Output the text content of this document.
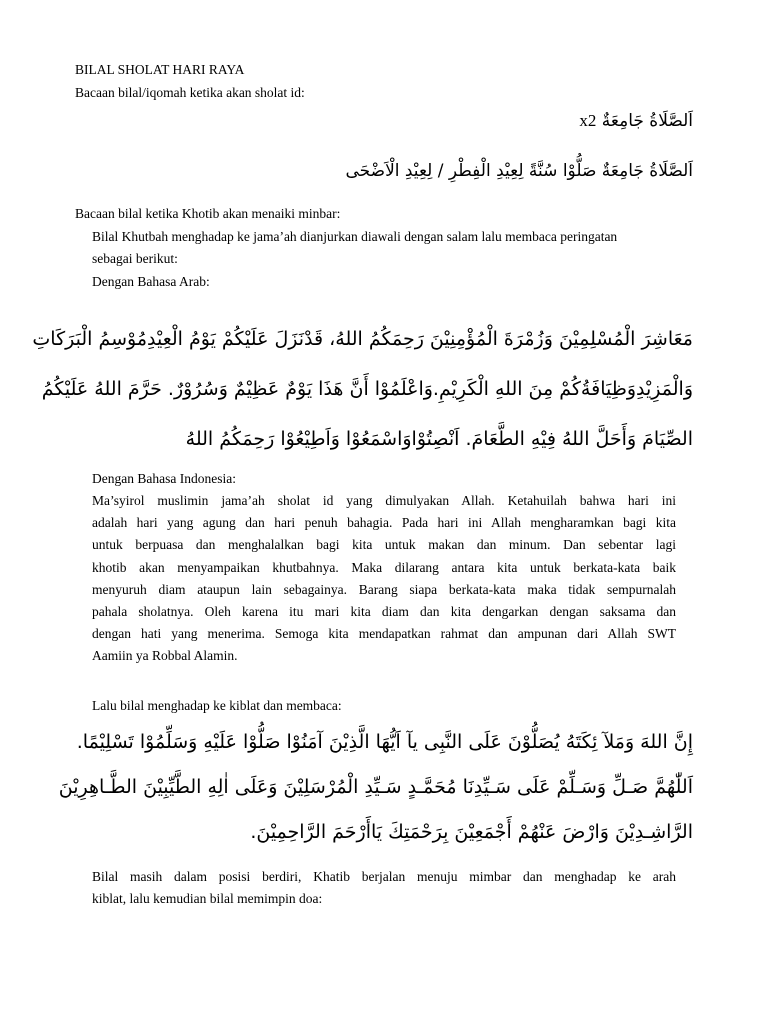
BILAL SHOLAT HARI RAYA
Bacaan bilal/iqomah ketika akan sholat id:
اَلصَّلَاةُ جَامِعَةٌ x2
اَلصَّلَاةُ جَامِعَةٌ صَلُّوْا سُنَّةً لِعِيْدِ الْفِطْرِ / لِعِيْدِ الْاَضْحَى
Bacaan bilal ketika Khotib akan menaiki minbar:
Bilal Khutbah menghadap ke jama’ah dianjurkan diawali dengan salam lalu membaca peringatan
sebagai berikut:
Dengan Bahasa Arab:
مَعَاشِرَ الْمُسْلِمِيْنَ وَزُمْرَةَ الْمُؤْمِنِيْنَ رَحِمَكُمُ اللهُ، قَدْنَزَلَ عَلَيْكُمْ يَوْمُ الْعِيْدِمُوْسِمُ الْبَرَكَاتِ
وَالْمَزِيْدِوَظِيَافَةُكُمْ مِنَ اللهِ الْكَرِيْمِ.وَاعْلَمُوْا أَنَّ هَذَا يَوْمٌ عَظِيْمٌ وَسُرُوْرٌ. حَرَّمَ اللهُ عَلَيْكُمُ
الصِّيَامَ وَأَحَلَّ اللهُ فِيْهِ الطَّعَامَ. اَنْصِتُوْاوَاسْمَعُوْا وَاَطِيْعُوْا رَحِمَكُمُ اللهُ
Dengan Bahasa Indonesia:
Ma’syirol muslimin jama’ah sholat id yang dimulyakan Allah. Ketahuilah bahwa hari ini
adalah hari yang agung dan hari penuh bahagia. Pada hari ini Allah mengharamkan bagi kita
untuk berpuasa dan menghalalkan bagi kita untuk makan dan minum. Dan sebentar lagi
khotib akan menyampaikan khutbahnya. Maka dilarang antara kita untuk berkata-kata baik
menyuruh diam ataupun lain sebagainya. Barang siapa berkata-kata maka tidak sempurnalah
pahala sholatnya. Oleh karena itu mari kita diam dan kita dengarkan dengan saksama dan
dengan hati yang menerima. Semoga kita mendapatkan rahmat dan ampunan dari Allah SWT
Aamiin ya Robbal Alamin.
Lalu bilal menghadap ke kiblat dan membaca:
إِنَّ اللهَ وَمَلآ ئِكَتَهُ يُصَلُّوْنَ عَلَى النَّبِى يآ اَيُّهَا الَّذِيْنَ آمَنُوْا صَلُّوْا عَلَيْهِ وَسَلِّمُوْا تَسْلِيْمًا.
اَللّٰهُمَّ صَـلِّ وَسَـلِّمْ عَلَى سَـيِّدِنَا مُحَمَّـدٍ سَـيِّدِ الْمُرْسَلِيْنَ وَعَلَى اٰلِهِ الطَّيِّبِيْنَ الطَّـاهِرِيْنَ
الرَّاشِـدِيْنَ وَارْضَ عَنْهُمْ أَجْمَعِيْنَ بِرَحْمَتِكَ يَاأَرْحَمَ الرَّاحِمِيْنَ.
Bilal masih dalam posisi berdiri, Khatib berjalan menuju mimbar dan menghadap ke arah
kiblat, lalu kemudian bilal memimpin doa:
